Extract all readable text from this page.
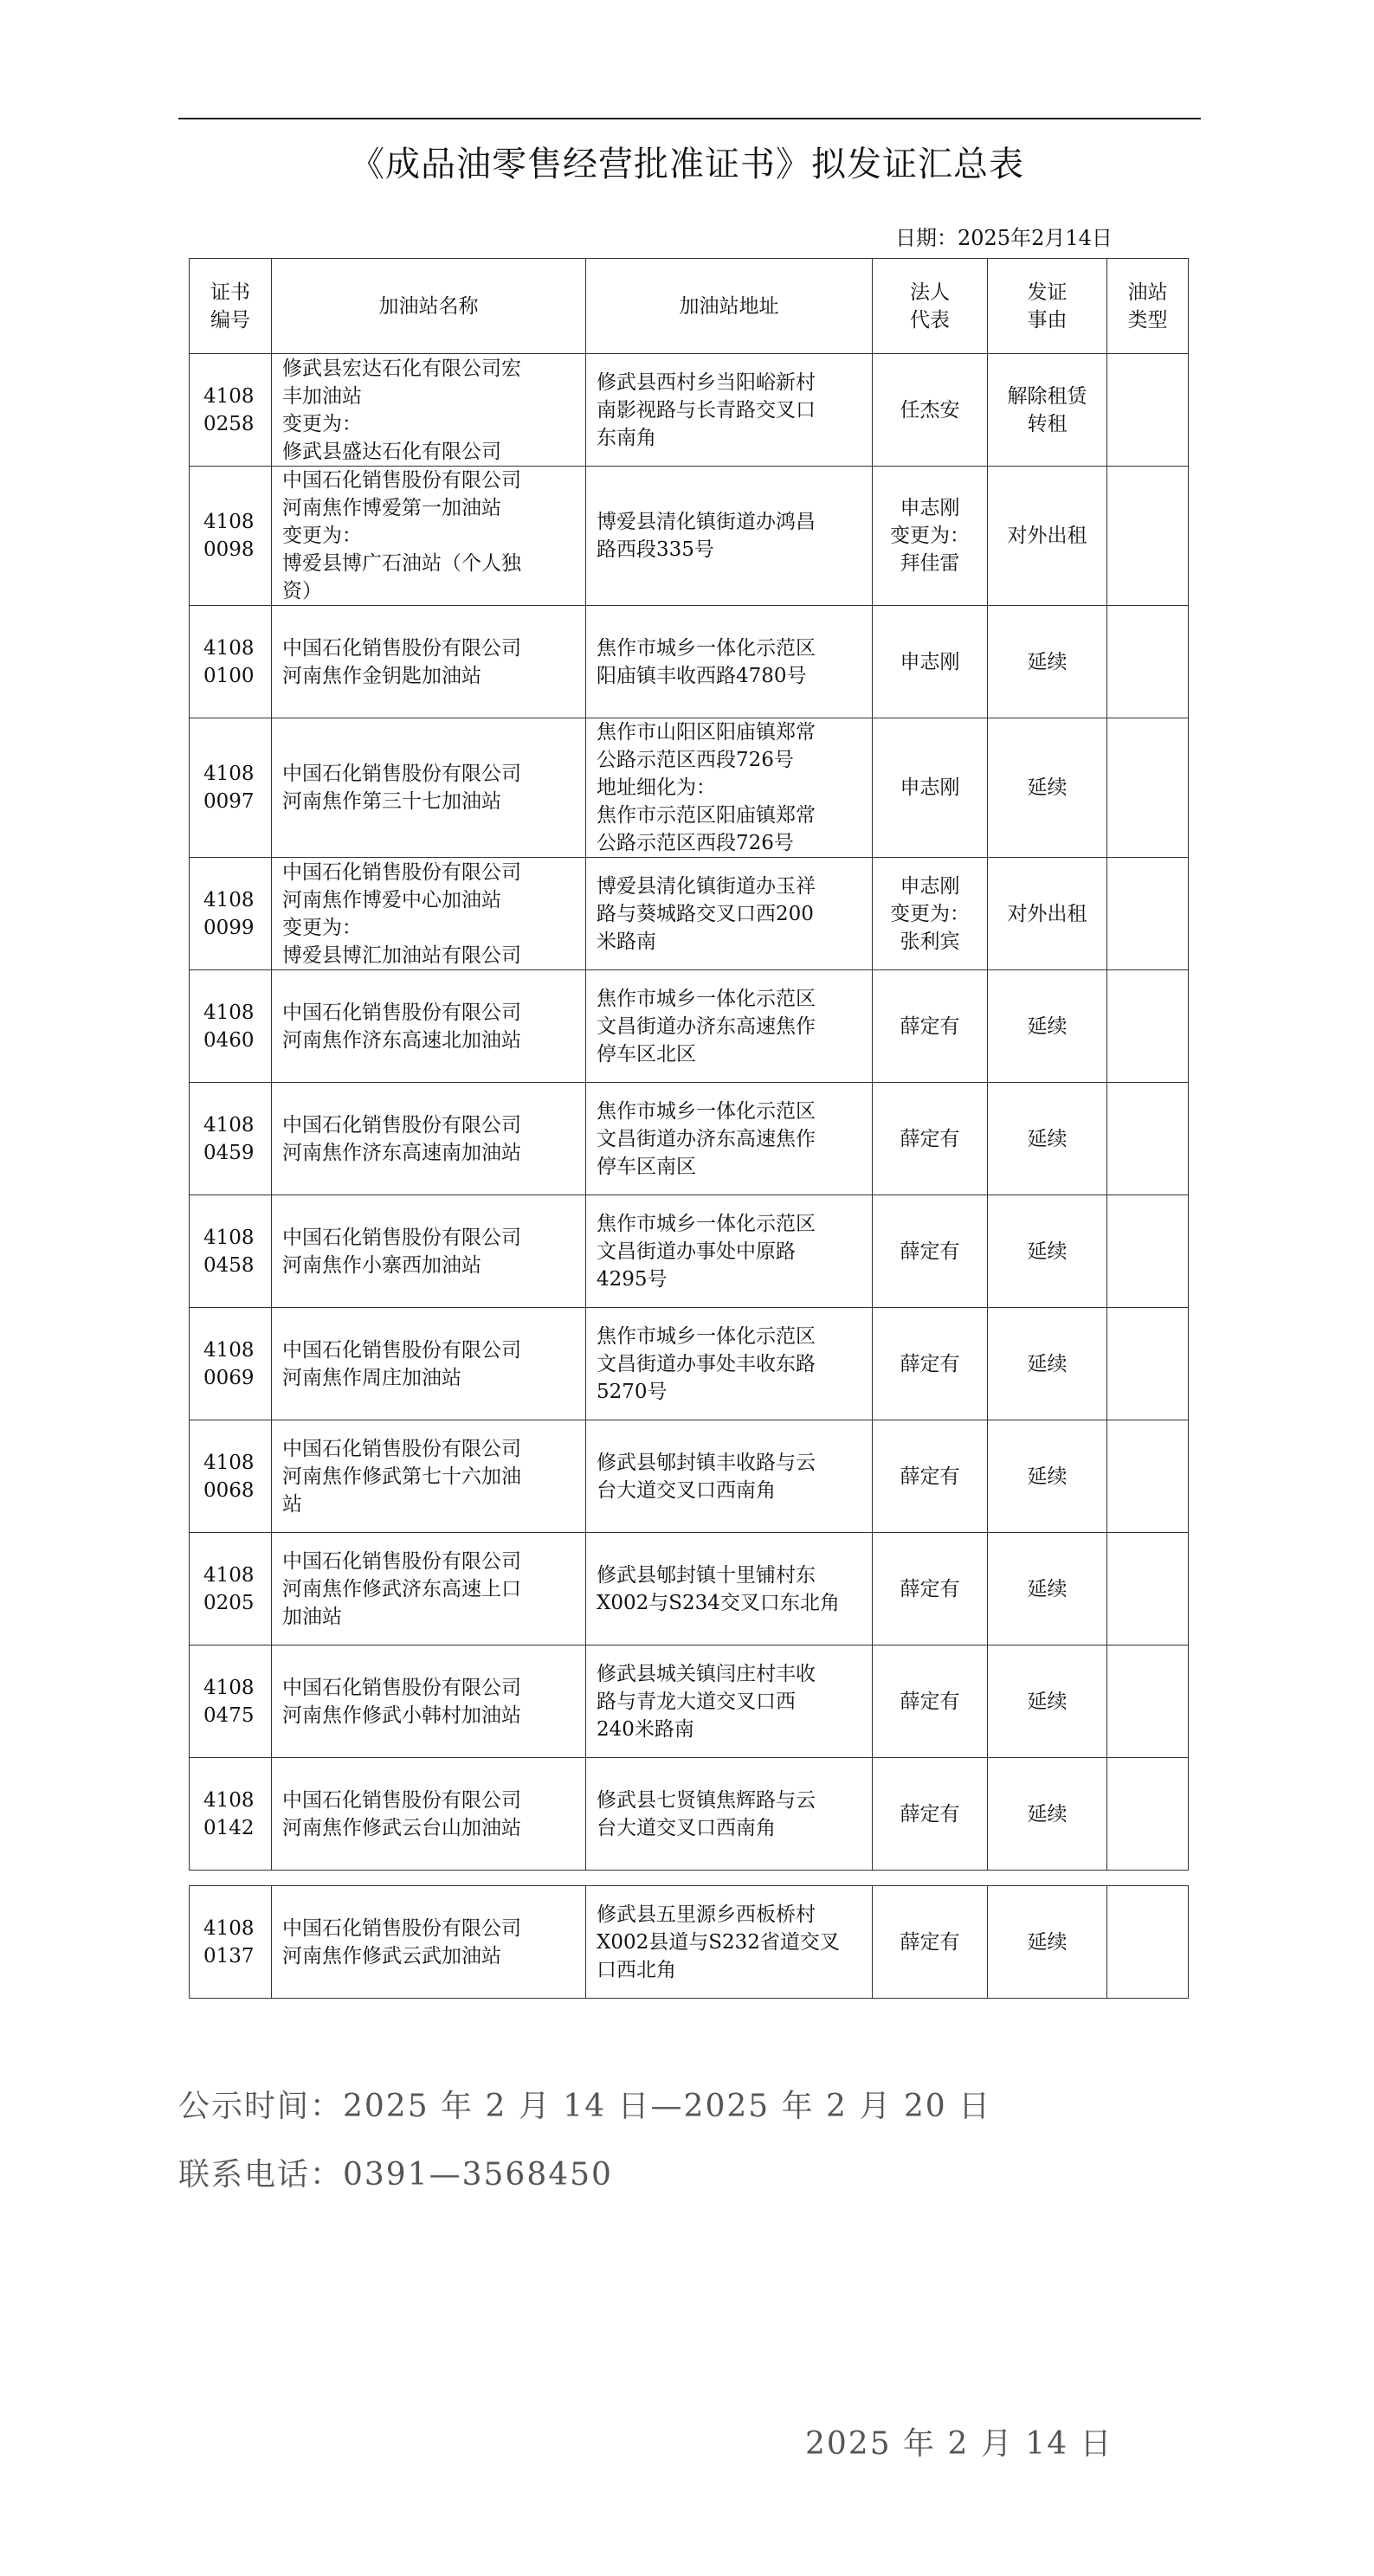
《成品油零售经营批准证书》拟发证汇总表
日期：2025年2月14日
证书
编号	加油站名称	加油站地址	法人
代表	发证
事由	油站
类型
4108
0258	修武县宏达石化有限公司宏
丰加油站
变更为：
修武县盛达石化有限公司	修武县西村乡当阳峪新村
南影视路与长青路交叉口
东南角	任杰安	解除租赁
转租	
4108
0098	中国石化销售股份有限公司
河南焦作博爱第一加油站
变更为：
博爱县博广石油站（个人独
资）	博爱县清化镇街道办鸿昌
路西段335号	申志刚
变更为：
拜佳雷	对外出租	
4108
0100	中国石化销售股份有限公司
河南焦作金钥匙加油站	焦作市城乡一体化示范区
阳庙镇丰收西路4780号	申志刚	延续	
4108
0097	中国石化销售股份有限公司
河南焦作第三十七加油站	焦作市山阳区阳庙镇郑常
公路示范区西段726号
地址细化为：
焦作市示范区阳庙镇郑常
公路示范区西段726号	申志刚	延续	
4108
0099	中国石化销售股份有限公司
河南焦作博爱中心加油站
变更为：
博爱县博汇加油站有限公司	博爱县清化镇街道办玉祥
路与葵城路交叉口西200
米路南	申志刚
变更为：
张利宾	对外出租	
4108
0460	中国石化销售股份有限公司
河南焦作济东高速北加油站	焦作市城乡一体化示范区
文昌街道办济东高速焦作
停车区北区	薛定有	延续	
4108
0459	中国石化销售股份有限公司
河南焦作济东高速南加油站	焦作市城乡一体化示范区
文昌街道办济东高速焦作
停车区南区	薛定有	延续	
4108
0458	中国石化销售股份有限公司
河南焦作小寨西加油站	焦作市城乡一体化示范区
文昌街道办事处中原路
4295号	薛定有	延续	
4108
0069	中国石化销售股份有限公司
河南焦作周庄加油站	焦作市城乡一体化示范区
文昌街道办事处丰收东路
5270号	薛定有	延续	
4108
0068	中国石化销售股份有限公司
河南焦作修武第七十六加油
站	修武县郇封镇丰收路与云
台大道交叉口西南角	薛定有	延续	
4108
0205	中国石化销售股份有限公司
河南焦作修武济东高速上口
加油站	修武县郇封镇十里铺村东
X002与S234交叉口东北角	薛定有	延续	
4108
0475	中国石化销售股份有限公司
河南焦作修武小韩村加油站	修武县城关镇闫庄村丰收
路与青龙大道交叉口西
240米路南	薛定有	延续	
4108
0142	中国石化销售股份有限公司
河南焦作修武云台山加油站	修武县七贤镇焦辉路与云
台大道交叉口西南角	薛定有	延续	
4108
0137	中国石化销售股份有限公司
河南焦作修武云武加油站	修武县五里源乡西板桥村
X002县道与S232省道交叉
口西北角	薛定有	延续	
公示时间：2025 年 2 月 14 日—2025 年 2 月 20 日
联系电话：0391—3568450
2025 年 2 月 14 日
